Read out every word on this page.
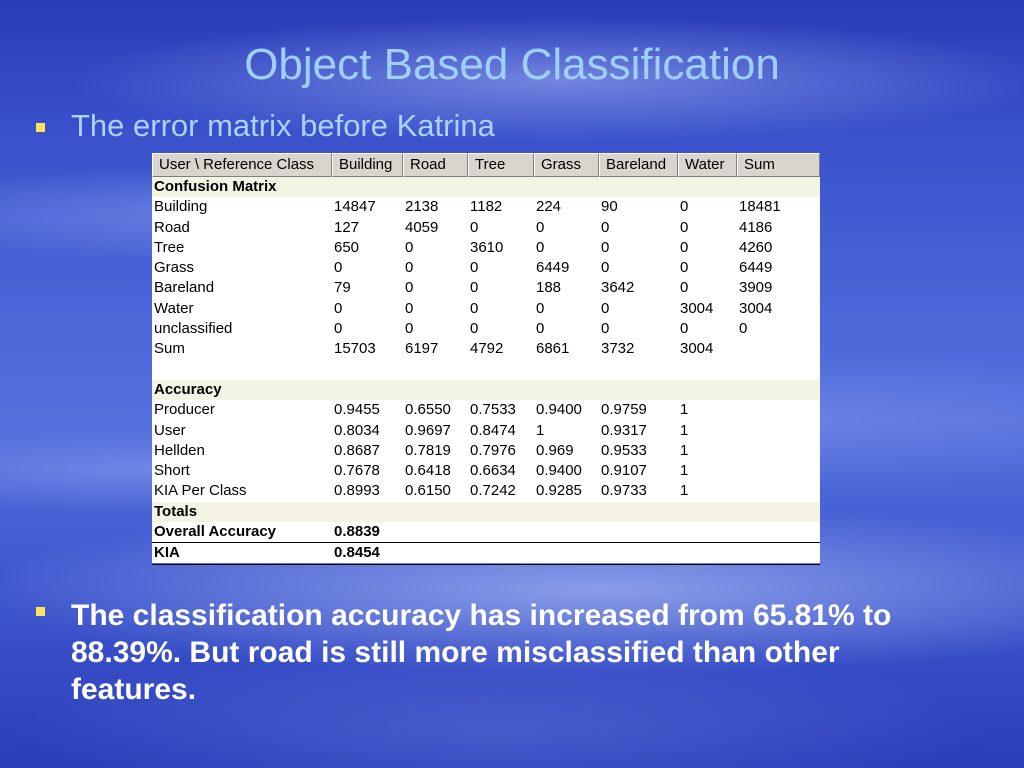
Object Based Classification
The error matrix before Katrina
User \ Reference Class	Building	Road	Tree	Grass	Bareland	Water	Sum
Confusion Matrix
Building	14847	2138	1182	224	90	0	18481
Road	127	4059	0	0	0	0	4186
Tree	650	0	3610	0	0	0	4260
Grass	0	0	0	6449	0	0	6449
Bareland	79	0	0	188	3642	0	3909
Water	0	0	0	0	0	3004	3004
unclassified	0	0	0	0	0	0	0
Sum	15703	6197	4792	6861	3732	3004
Accuracy
Producer	0.9455	0.6550	0.7533	0.9400	0.9759	1
User	0.8034	0.9697	0.8474	1	0.9317	1
Hellden	0.8687	0.7819	0.7976	0.969	0.9533	1
Short	0.7678	0.6418	0.6634	0.9400	0.9107	1
KIA Per Class	0.8993	0.6150	0.7242	0.9285	0.9733	1
Totals
Overall Accuracy	0.8839
KIA	0.8454
The classification accuracy has increased from 65.81% to 88.39%. But road is still more misclassified than other features.
